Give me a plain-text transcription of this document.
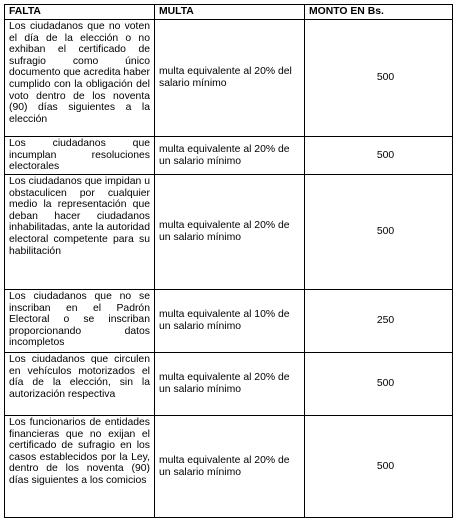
FALTA	MULTA	MONTO EN Bs.
Los ciudadanos que no voten el día de la elección o no exhiban el certificado de sufragio como único documento que acredita haber cumplido con la obligación del voto dentro de los noventa (90) días siguientes a la elección	multa equivalente al 20% del salario mínimo	500
Los ciudadanos que incumplan resoluciones electorales	multa equivalente al 20% de un salario mínimo	500
Los ciudadanos que impidan u obstaculicen por cualquier medio la representación que deban hacer ciudadanos inhabilitadas, ante la autoridad electoral competente para su habilitación	multa equivalente al 20% de un salario mínimo	500
Los ciudadanos que no se inscriban en el Padrón Electoral o se inscriban proporcionando datos incompletos	multa equivalente al 10% de un salario mínimo	250
Los ciudadanos que circulen en vehículos motorizados el día de la elección, sin la autorización respectiva	multa equivalente al 20% de un salario mínimo	500
Los funcionarios de entidades financieras que no exijan el certificado de sufragio en los casos establecidos por la Ley, dentro de los noventa (90) días siguientes a los comicios	multa equivalente al 20% de un salario mínimo	500
